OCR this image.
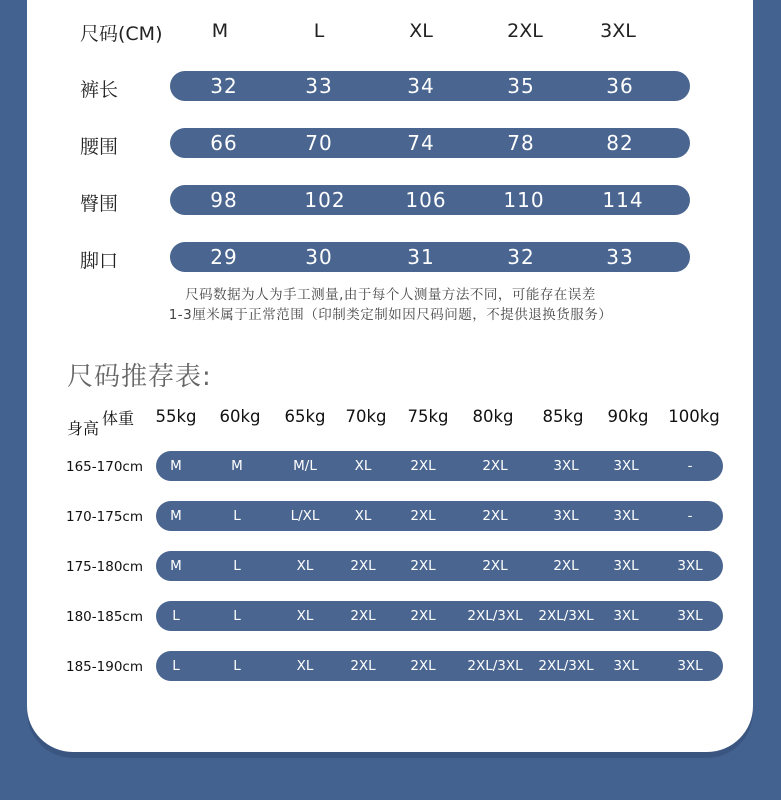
尺码(CM)	M	L	XL	2XL	3XL
裤长	32	33	34	35	36
腰围	66	70	74	78	82
臀围	98	102	106	110	114
脚口	29	30	31	32	33
尺码数据为人为手工测量,由于每个人测量方法不同，可能存在误差
1-3厘米属于正常范围（印制类定制如因尺码问题，不提供退换货服务）
尺码推荐表:
身高
体重 55kg 60kg 65kg 70kg 75kg 80kg 85kg 90kg 100kg
165-170cm M	M	M/L	XL	2XL	2XL	3XL	3XL	-
170-175cm M	L	L/XL	XL	2XL	2XL	3XL	3XL	-
175-180cm M	L	XL	2XL	2XL	2XL	2XL	3XL	3XL
180-185cm L	L	XL	2XL	2XL 2XL/3XL 2XL/3XL 3XL	3XL
185-190cm L	L	XL	2XL	2XL 2XL/3XL 2XL/3XL 3XL	3XL
